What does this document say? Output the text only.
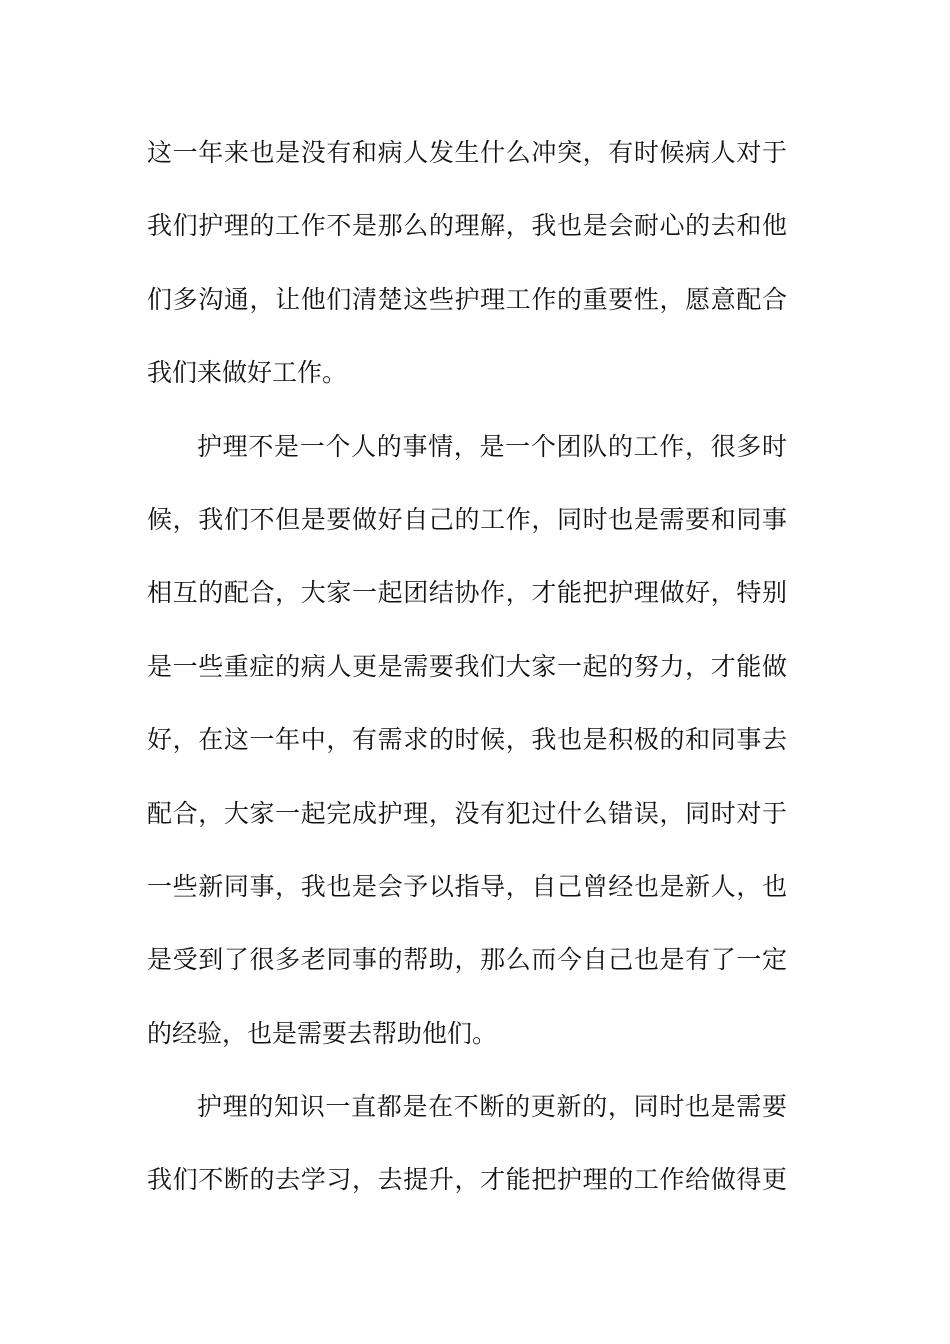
这一年来也是没有和病人发生什么冲突，有时候病人对于
我们护理的工作不是那么的理解，我也是会耐心的去和他
们多沟通，让他们清楚这些护理工作的重要性，愿意配合
我们来做好工作。
护理不是一个人的事情，是一个团队的工作，很多时
候，我们不但是要做好自己的工作，同时也是需要和同事
相互的配合，大家一起团结协作，才能把护理做好，特别
是一些重症的病人更是需要我们大家一起的努力，才能做
好，在这一年中，有需求的时候，我也是积极的和同事去
配合，大家一起完成护理，没有犯过什么错误，同时对于
一些新同事，我也是会予以指导，自己曾经也是新人，也
是受到了很多老同事的帮助，那么而今自己也是有了一定
的经验，也是需要去帮助他们。
护理的知识一直都是在不断的更新的，同时也是需要
我们不断的去学习，去提升，才能把护理的工作给做得更
